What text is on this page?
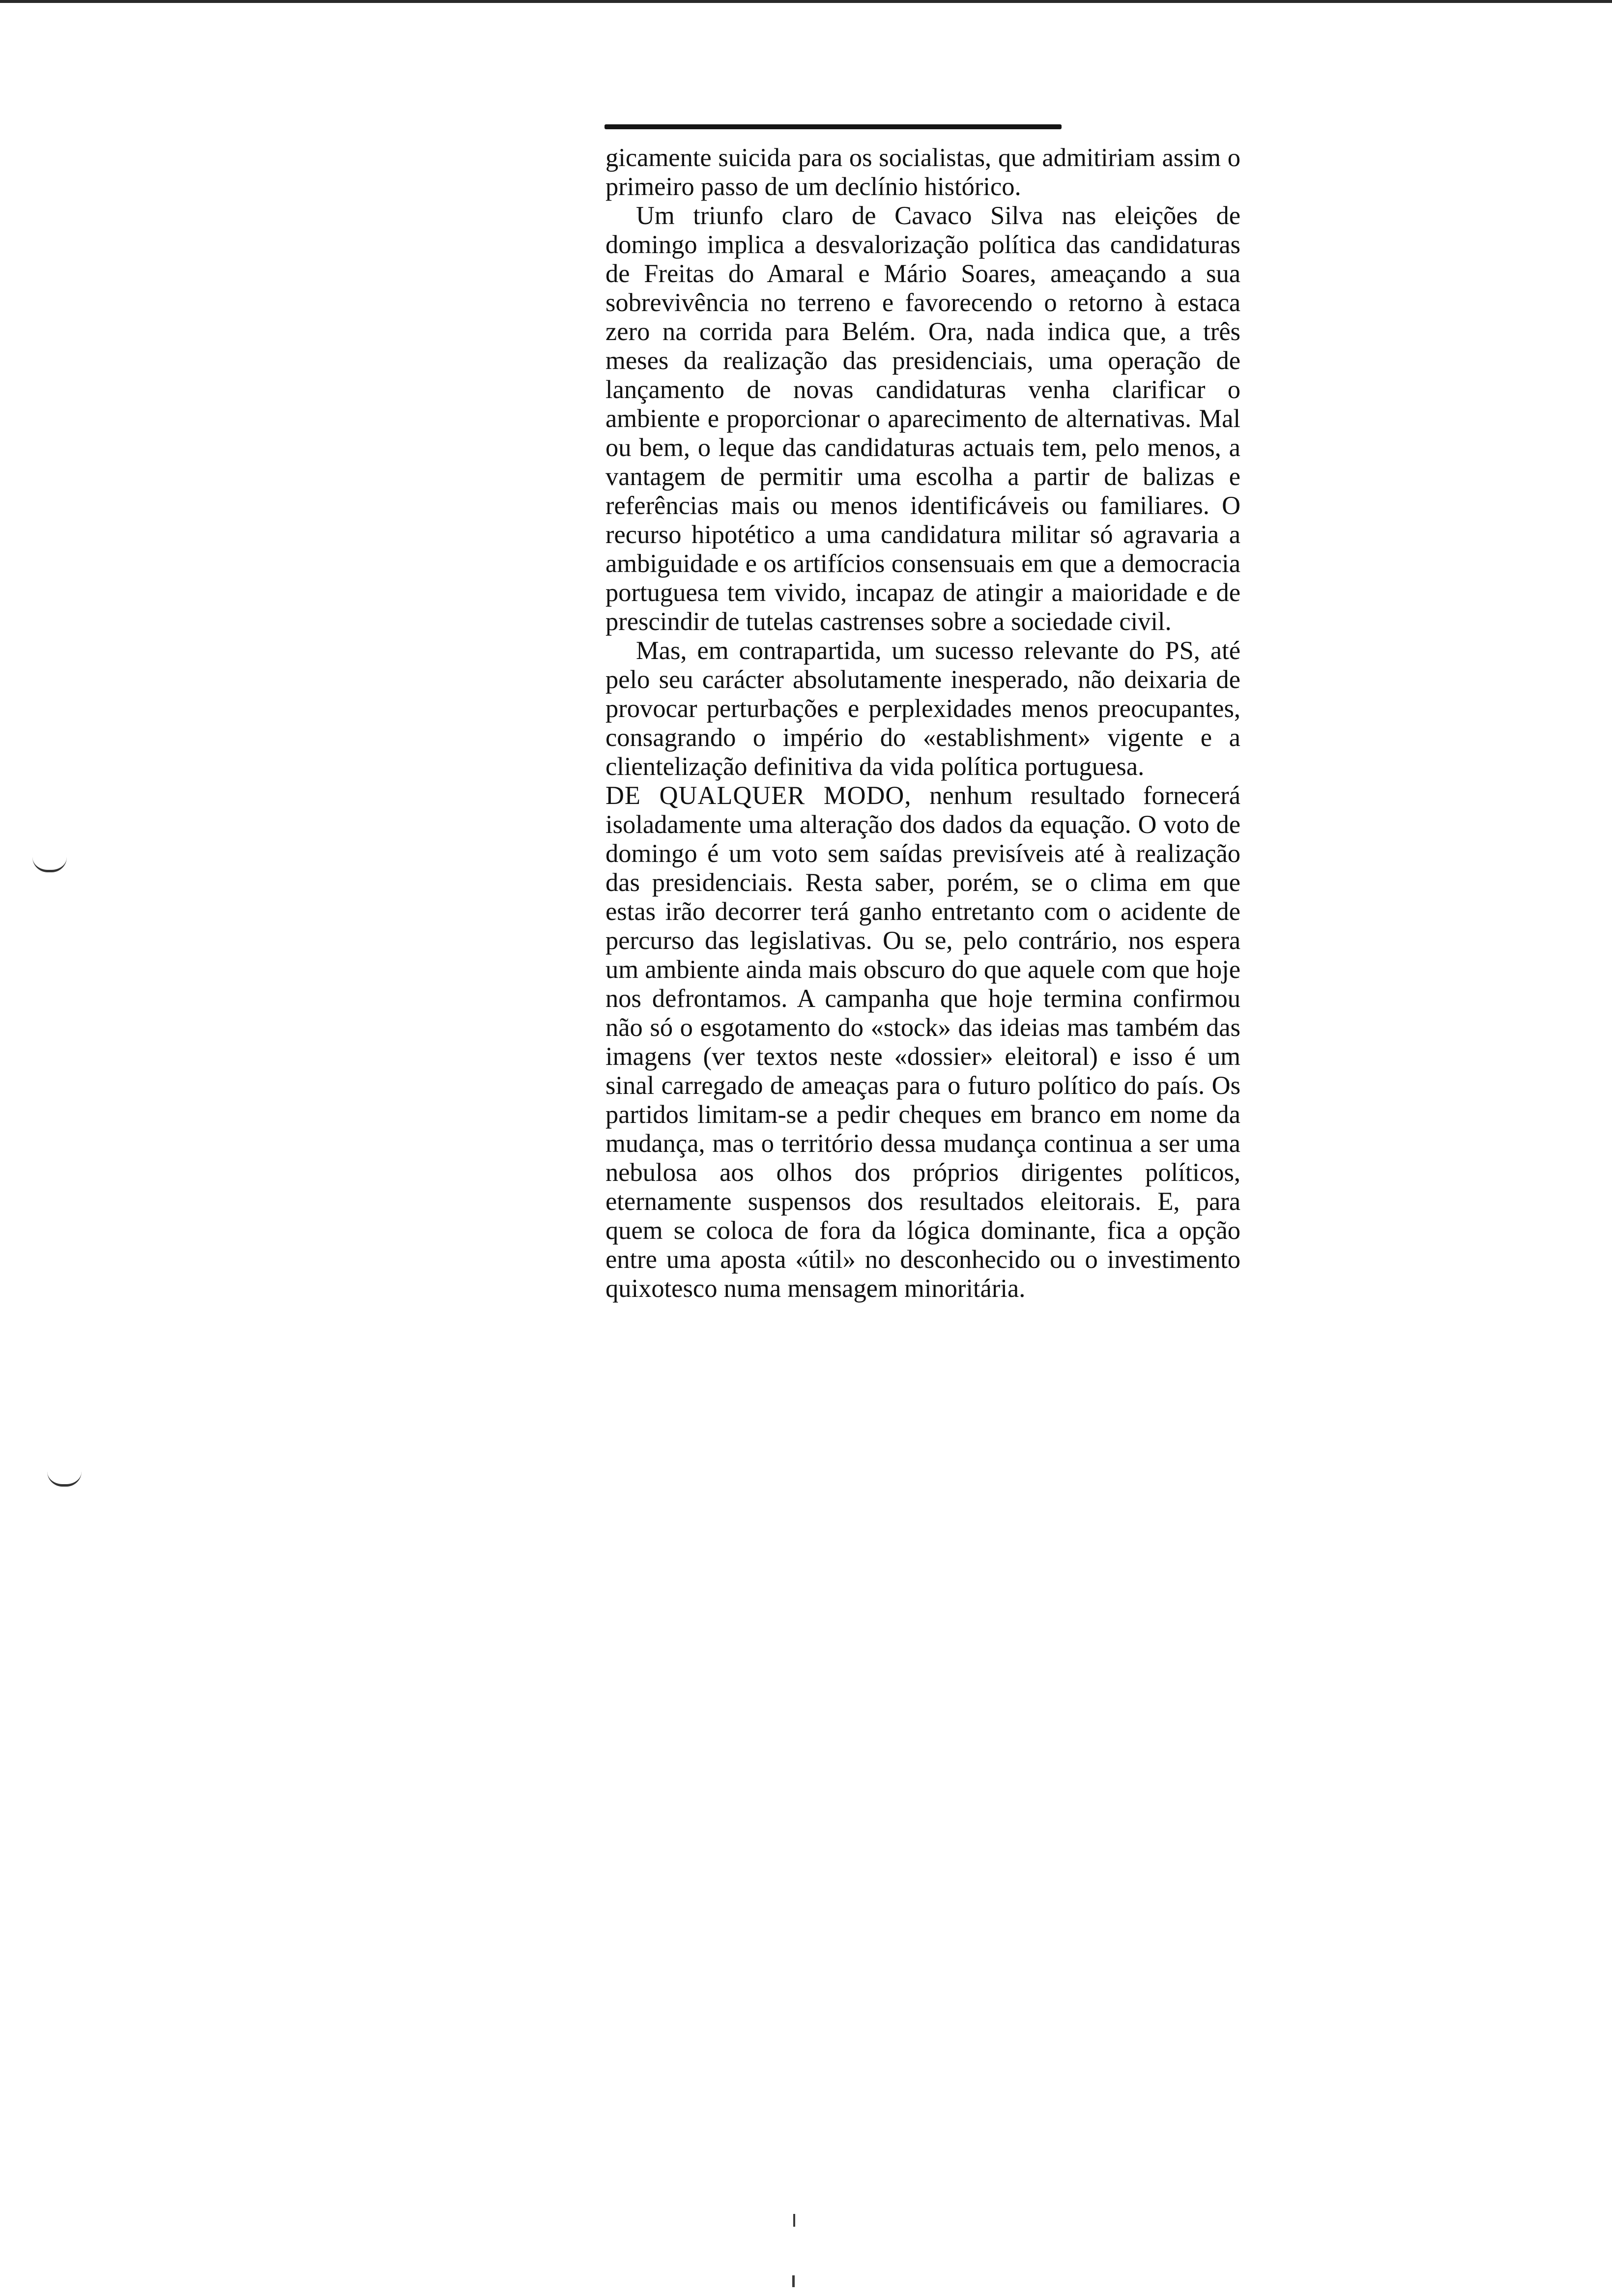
gicamente suicida para os socialistas, que admitiriam assim o primeiro passo de um declínio histórico.

Um triunfo claro de Cavaco Silva nas eleições de domingo implica a desvalorização política das candidaturas de Freitas do Amaral e Mário Soares, ameaçando a sua sobrevivência no terreno e favorecendo o retorno à estaca zero na corrida para Belém. Ora, nada indica que, a três meses da realização das presidenciais, uma operação de lançamento de novas candidaturas venha clarificar o ambiente e proporcionar o aparecimento de alternativas. Mal ou bem, o leque das candidaturas actuais tem, pelo menos, a vantagem de permitir uma escolha a partir de balizas e referências mais ou menos identificáveis ou familiares. O recurso hipotético a uma candidatura militar só agravaria a ambiguidade e os artifícios consensuais em que a democracia portuguesa tem vivido, incapaz de atingir a maioridade e de prescindir de tutelas castrenses sobre a sociedade civil.

Mas, em contrapartida, um sucesso relevante do PS, até pelo seu carácter absolutamente inesperado, não deixaria de provocar perturbações e perplexidades menos preocupantes, consagrando o império do «establishment» vigente e a clientelização definitiva da vida política portuguesa.

DE QUALQUER MODO, nenhum resultado fornecerá isoladamente uma alteração dos dados da equação. O voto de domingo é um voto sem saídas previsíveis até à realização das presidenciais. Resta saber, porém, se o clima em que estas irão decorrer terá ganho entretanto com o acidente de percurso das legislativas. Ou se, pelo contrário, nos espera um ambiente ainda mais obscuro do que aquele com que hoje nos defrontamos. A campanha que hoje termina confirmou não só o esgotamento do «stock» das ideias mas também das imagens (ver textos neste «dossier» eleitoral) e isso é um sinal carregado de ameaças para o futuro político do país. Os partidos limitam-se a pedir cheques em branco em nome da mudança, mas o território dessa mudança continua a ser uma nebulosa aos olhos dos próprios dirigentes políticos, eternamente suspensos dos resultados eleitorais. E, para quem se coloca de fora da lógica dominante, fica a opção entre uma aposta «útil» no desconhecido ou o investimento quixotesco numa mensagem minoritária.
